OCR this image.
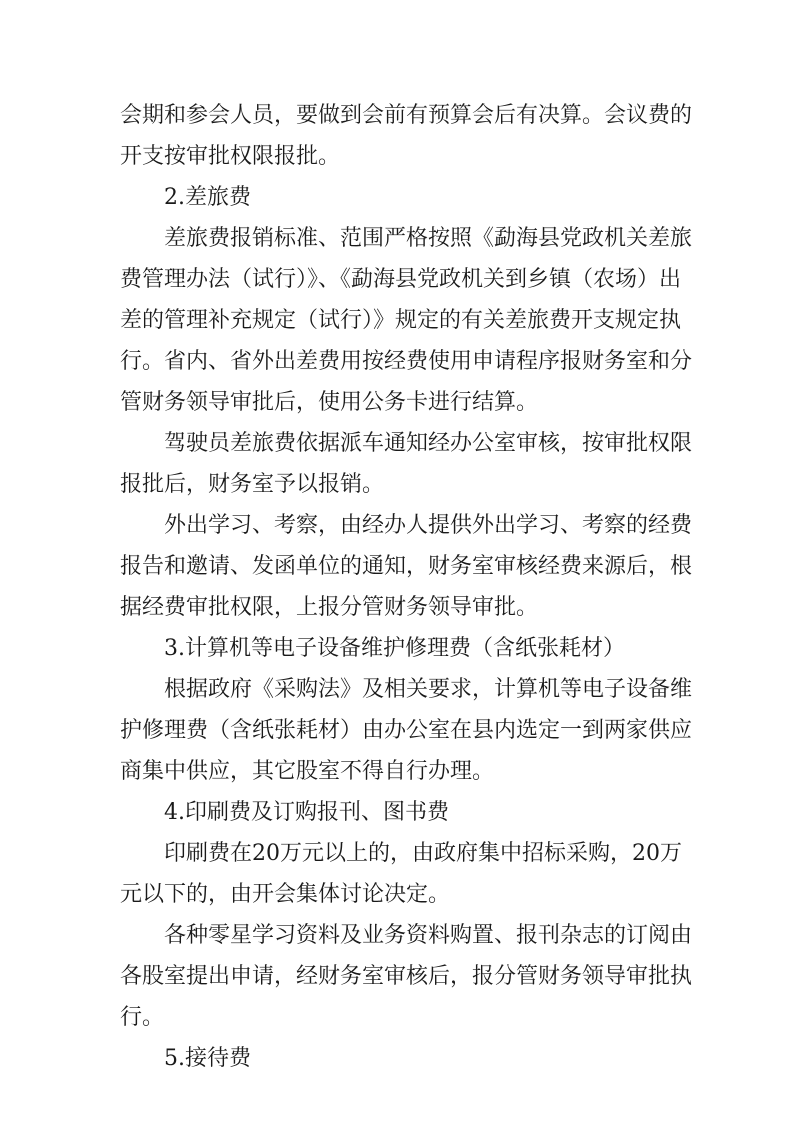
会期和参会人员，要做到会前有预算会后有决算。会议费的
开支按审批权限报批。
2.差旅费
差旅费报销标准、范围严格按照《勐海县党政机关差旅
费管理办法（试行）》、《勐海县党政机关到乡镇（农场）出
差的管理补充规定（试行）》规定的有关差旅费开支规定执
行。省内、省外出差费用按经费使用申请程序报财务室和分
管财务领导审批后，使用公务卡进行结算。
驾驶员差旅费依据派车通知经办公室审核，按审批权限
报批后，财务室予以报销。
外出学习、考察，由经办人提供外出学习、考察的经费
报告和邀请、发函单位的通知，财务室审核经费来源后，根
据经费审批权限，上报分管财务领导审批。
3.计算机等电子设备维护修理费（含纸张耗材）
根据政府《采购法》及相关要求，计算机等电子设备维
护修理费（含纸张耗材）由办公室在县内选定一到两家供应
商集中供应，其它股室不得自行办理。
4.印刷费及订购报刊、图书费
印刷费在20万元以上的，由政府集中招标采购，20万
元以下的，由开会集体讨论决定。
各种零星学习资料及业务资料购置、报刊杂志的订阅由
各股室提出申请，经财务室审核后，报分管财务领导审批执
行。
5.接待费
